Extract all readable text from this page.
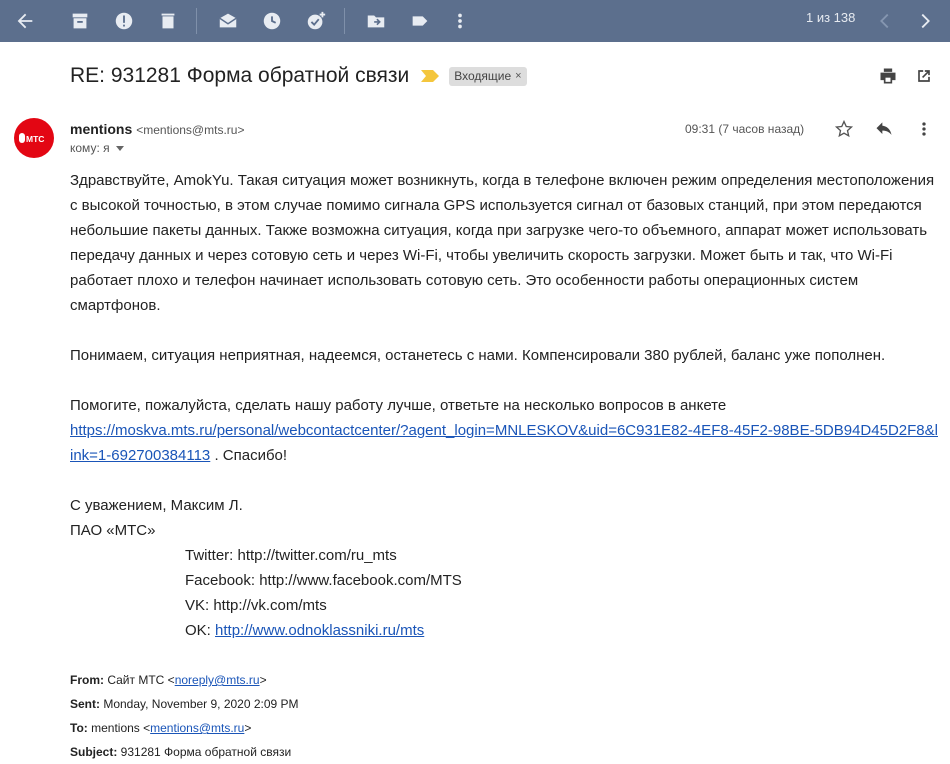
1 из 138
RE: 931281 Форма обратной связи	Входящие ×
МТС
mentions <mentions@mts.ru>
кому: я
09:31 (7 часов назад)

Здравствуйте, AmokYu. Такая ситуация может возникнуть, когда в телефоне включен режим определения местоположения с высокой точностью, в этом случае помимо сигнала GPS используется сигнал от базовых станций, при этом передаются небольшие пакеты данных. Также возможна ситуация, когда при загрузке чего-то объемного, аппарат может использовать передачу данных и через сотовую сеть и через Wi-Fi, чтобы увеличить скорость загрузки. Может быть и так, что Wi-Fi работает плохо и телефон начинает использовать сотовую сеть. Это особенности работы операционных систем смартфонов.

Понимаем, ситуация неприятная, надеемся, останетесь с нами. Компенсировали 380 рублей, баланс уже пополнен.

Помогите, пожалуйста, сделать нашу работу лучше, ответьте на несколько вопросов в анкете

https://moskva.mts.ru/personal/webcontactcenter/?agent_login=MNLESKOV&uid=6C931E82-4EF8-45F2-98BE-5DB94D45D2F8&link=1-692700384113 . Спасибо!

С уважением, Максим Л.

ПАО «МТС»

Twitter: http://twitter.com/ru_mts

Facebook: http://www.facebook.com/MTS

VK: http://vk.com/mts

OK: http://www.odnoklassniki.ru/mts

From: Сайт МТС <noreply@mts.ru>
Sent: Monday, November 9, 2020 2:09 PM
To: mentions <mentions@mts.ru>
Subject: 931281 Форма обратной связи
